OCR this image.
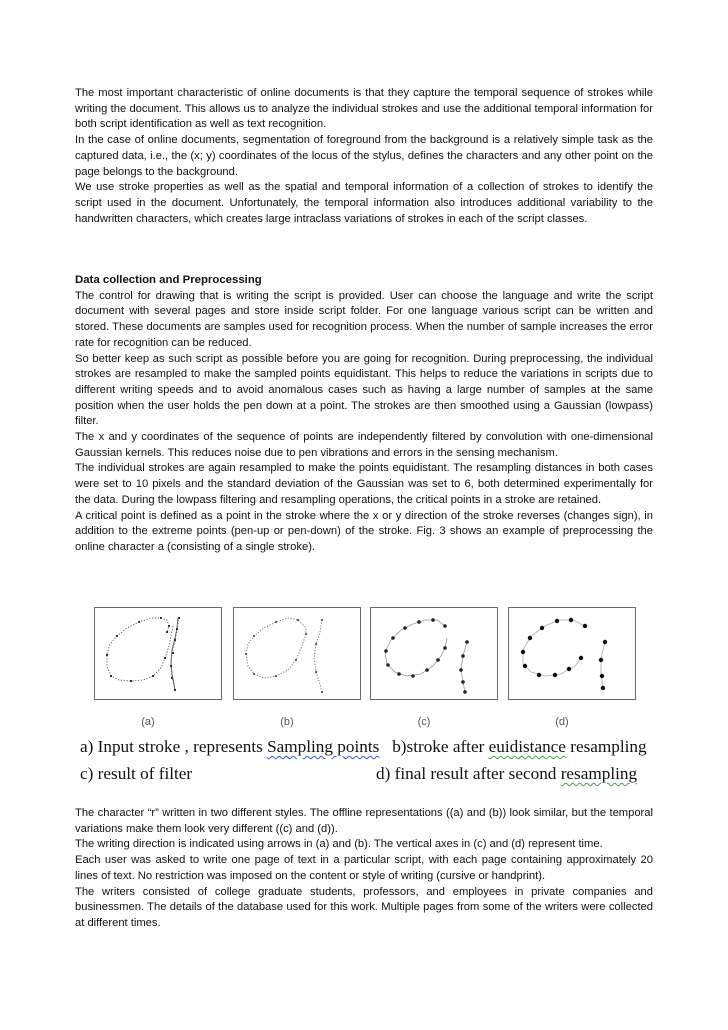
The most important characteristic of online documents is that they capture the temporal sequence of strokes while writing the document. This allows us to analyze the individual strokes and use the additional temporal information for both script identification as well as text recognition.

In the case of online documents, segmentation of foreground from the background is a relatively simple task as the captured data, i.e., the (x; y) coordinates of the locus of the stylus, defines the characters and any other point on the page belongs to the background.

We use stroke properties as well as the spatial and temporal information of a collection of strokes to identify the script used in the document. Unfortunately, the temporal information also introduces additional variability to the handwritten characters, which creates large intraclass variations of strokes in each of the script classes.

Data collection and Preprocessing

The control for drawing that is writing the script is provided. User can choose the language and write the script document with several pages and store inside script folder. For one language various script can be written and stored. These documents are samples used for recognition process. When the number of sample increases the error rate for recognition can be reduced.

So better keep as such script as possible before you are going for recognition. During preprocessing, the individual strokes are resampled to make the sampled points equidistant. This helps to reduce the variations in scripts due to different writing speeds and to avoid anomalous cases such as having a large number of samples at the same position when the user holds the pen down at a point. The strokes are then smoothed using a Gaussian (lowpass) filter.

The x and y coordinates of the sequence of points are independently filtered by convolution with one-dimensional Gaussian kernels. This reduces noise due to pen vibrations and errors in the sensing mechanism.

The individual strokes are again resampled to make the points equidistant. The resampling distances in both cases were set to 10 pixels and the standard deviation of the Gaussian was set to 6, both determined experimentally for the data. During the lowpass filtering and resampling operations, the critical points in a stroke are retained.

A critical point is defined as a point in the stroke where the x or y direction of the stroke reverses (changes sign), in addition to the extreme points (pen-up or pen-down) of the stroke. Fig. 3 shows an example of preprocessing the online character a (consisting of a single stroke).

(a)	(b)	(c)	(d)
a) Input stroke , represents Sampling points   b)stroke after euidistance resampling
c) result of filter	d) final result after second resampling

The character “r” written in two different styles. The offline representations ((a) and (b)) look similar, but the temporal variations make them look very different ((c) and (d)).

The writing direction is indicated using arrows in (a) and (b). The vertical axes in (c) and (d) represent time.

Each user was asked to write one page of text in a particular script, with each page containing approximately 20 lines of text. No restriction was imposed on the content or style of writing (cursive or handprint).

The writers consisted of college graduate students, professors, and employees in private companies and businessmen. The details of the database used for this work. Multiple pages from some of the writers were collected at different times.
